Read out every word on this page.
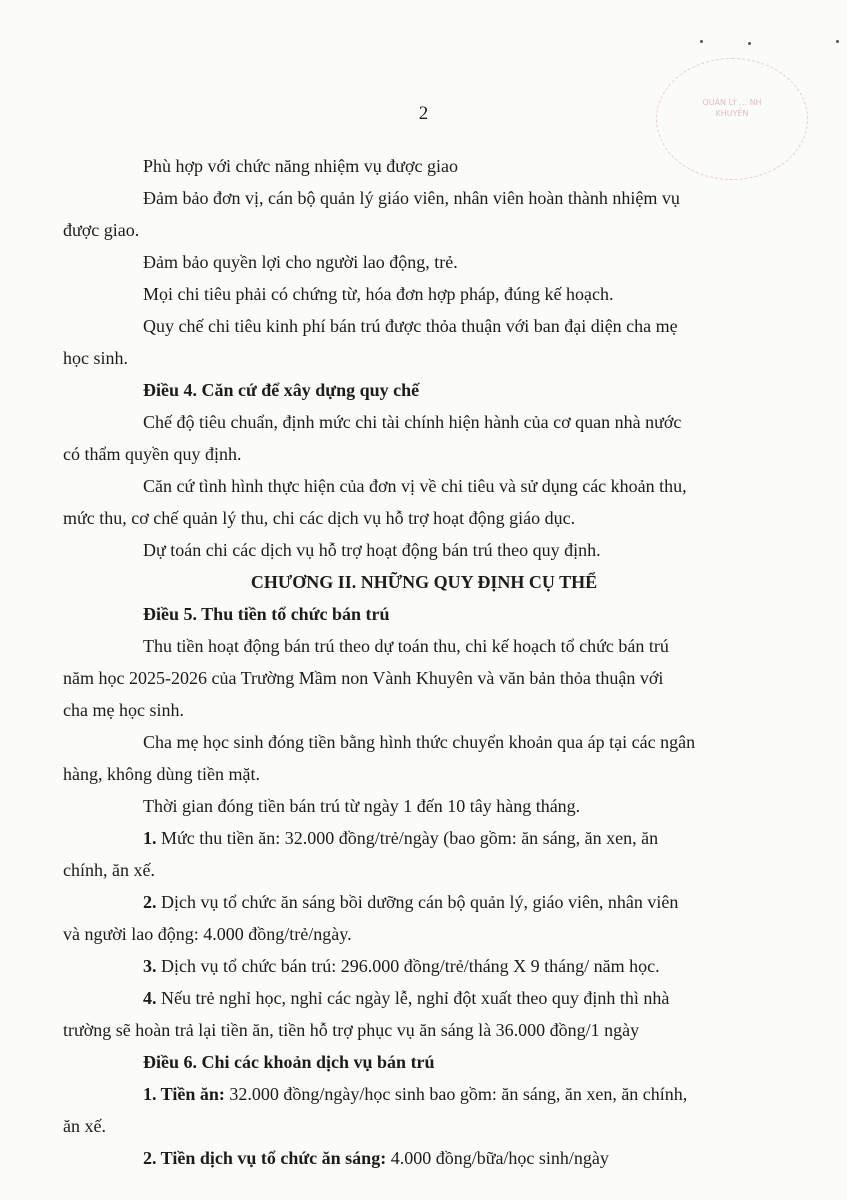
QUẢN LÝ ... NH KHUYÊN
2

Phù hợp với chức năng nhiệm vụ được giao

Đảm bảo đơn vị, cán bộ quản lý giáo viên, nhân viên hoàn thành nhiệm vụ

được giao.

Đảm bảo quyền lợi cho người lao động, trẻ.

Mọi chi tiêu phải có chứng từ, hóa đơn hợp pháp, đúng kế hoạch.

Quy chế chi tiêu kinh phí bán trú được thỏa thuận với ban đại diện cha mẹ

học sinh.

Điều 4. Căn cứ để xây dựng quy chế

Chế độ tiêu chuẩn, định mức chi tài chính hiện hành của cơ quan nhà nước

có thẩm quyền quy định.

Căn cứ tình hình thực hiện của đơn vị về chi tiêu và sử dụng các khoản thu,

mức thu, cơ chế quản lý thu, chi các dịch vụ hỗ trợ hoạt động giáo dục.

Dự toán chi các dịch vụ hỗ trợ hoạt động bán trú theo quy định.

CHƯƠNG II. NHỮNG QUY ĐỊNH CỤ THỂ

Điều 5. Thu tiền tổ chức bán trú

Thu tiền hoạt động bán trú theo dự toán thu, chi kế hoạch tổ chức bán trú

năm học 2025-2026 của Trường Mầm non Vành Khuyên và văn bản thỏa thuận với

cha mẹ học sinh.

Cha mẹ học sinh đóng tiền bằng hình thức chuyển khoản qua áp tại các ngân

hàng, không dùng tiền mặt.

Thời gian đóng tiền bán trú từ ngày 1 đến 10 tây hàng tháng.

1. Mức thu tiền ăn: 32.000 đồng/trẻ/ngày (bao gồm: ăn sáng, ăn xen, ăn

chính, ăn xế.

2. Dịch vụ tổ chức ăn sáng bồi dưỡng cán bộ quản lý, giáo viên, nhân viên

và người lao động: 4.000 đồng/trẻ/ngày.

3. Dịch vụ tổ chức bán trú: 296.000 đồng/trẻ/tháng X 9 tháng/ năm học.

4. Nếu trẻ nghỉ học, nghỉ các ngày lễ, nghỉ đột xuất theo quy định thì nhà

trường sẽ hoàn trả lại tiền ăn, tiền hỗ trợ phục vụ ăn sáng là 36.000 đồng/1 ngày

Điều 6. Chi các khoản dịch vụ bán trú

1. Tiền ăn: 32.000 đồng/ngày/học sinh bao gồm: ăn sáng, ăn xen, ăn chính,

ăn xế.

2. Tiền dịch vụ tổ chức ăn sáng: 4.000 đồng/bữa/học sinh/ngày
